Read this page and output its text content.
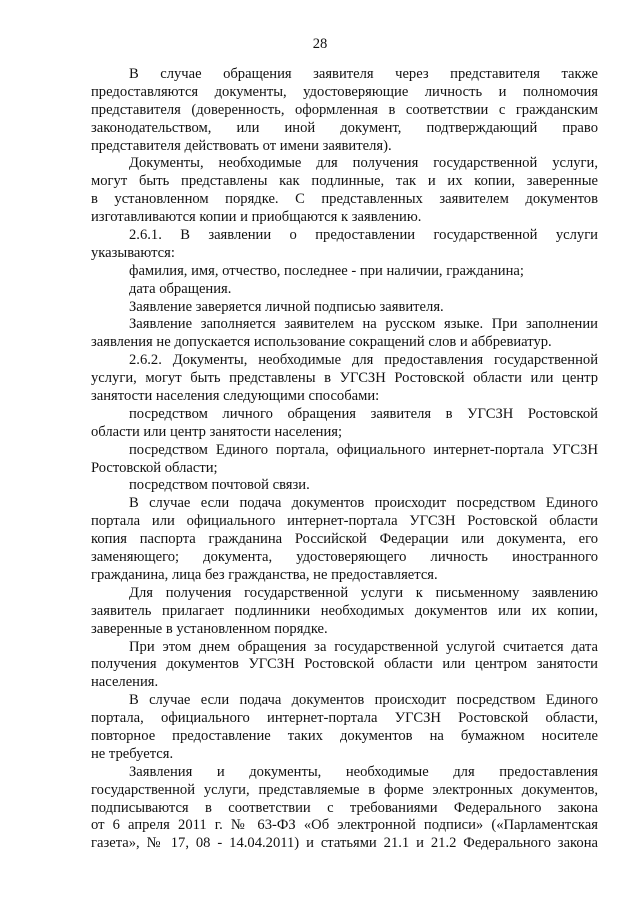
28
В случае обращения заявителя через представителя также
предоставляются документы, удостоверяющие личность и полномочия
представителя (доверенность, оформленная в соответствии с гражданским
законодательством, или иной документ, подтверждающий право
представителя действовать от имени заявителя).
Документы, необходимые для получения государственной услуги,
могут быть представлены как подлинные, так и их копии, заверенные
в установленном порядке. С представленных заявителем документов
изготавливаются копии и приобщаются к заявлению.
2.6.1. В заявлении о предоставлении государственной услуги
указываются:
фамилия, имя, отчество, последнее - при наличии, гражданина;
дата обращения.
Заявление заверяется личной подписью заявителя.
Заявление заполняется заявителем на русском языке. При заполнении
заявления не допускается использование сокращений слов и аббревиатур.
2.6.2. Документы, необходимые для предоставления государственной
услуги, могут быть представлены в УГСЗН Ростовской области или центр
занятости населения следующими способами:
посредством личного обращения заявителя в УГСЗН Ростовской
области или центр занятости населения;
посредством Единого портала, официального интернет-портала УГСЗН
Ростовской области;
посредством почтовой связи.
В случае если подача документов происходит посредством Единого
портала или официального интернет-портала УГСЗН Ростовской области
копия паспорта гражданина Российской Федерации или документа, его
заменяющего; документа, удостоверяющего личность иностранного
гражданина, лица без гражданства, не предоставляется.
Для получения государственной услуги к письменному заявлению
заявитель прилагает подлинники необходимых документов или их копии,
заверенные в установленном порядке.
При этом днем обращения за государственной услугой считается дата
получения документов УГСЗН Ростовской области или центром занятости
населения.
В случае если подача документов происходит посредством Единого
портала, официального интернет-портала УГСЗН Ростовской области,
повторное предоставление таких документов на бумажном носителе
не требуется.
Заявления и документы, необходимые для предоставления
государственной услуги, представляемые в форме электронных документов,
подписываются в соответствии с требованиями Федерального закона
от 6 апреля 2011 г. № 63-ФЗ «Об электронной подписи» («Парламентская
газета», № 17, 08 - 14.04.2011) и статьями 21.1 и 21.2 Федерального закона
